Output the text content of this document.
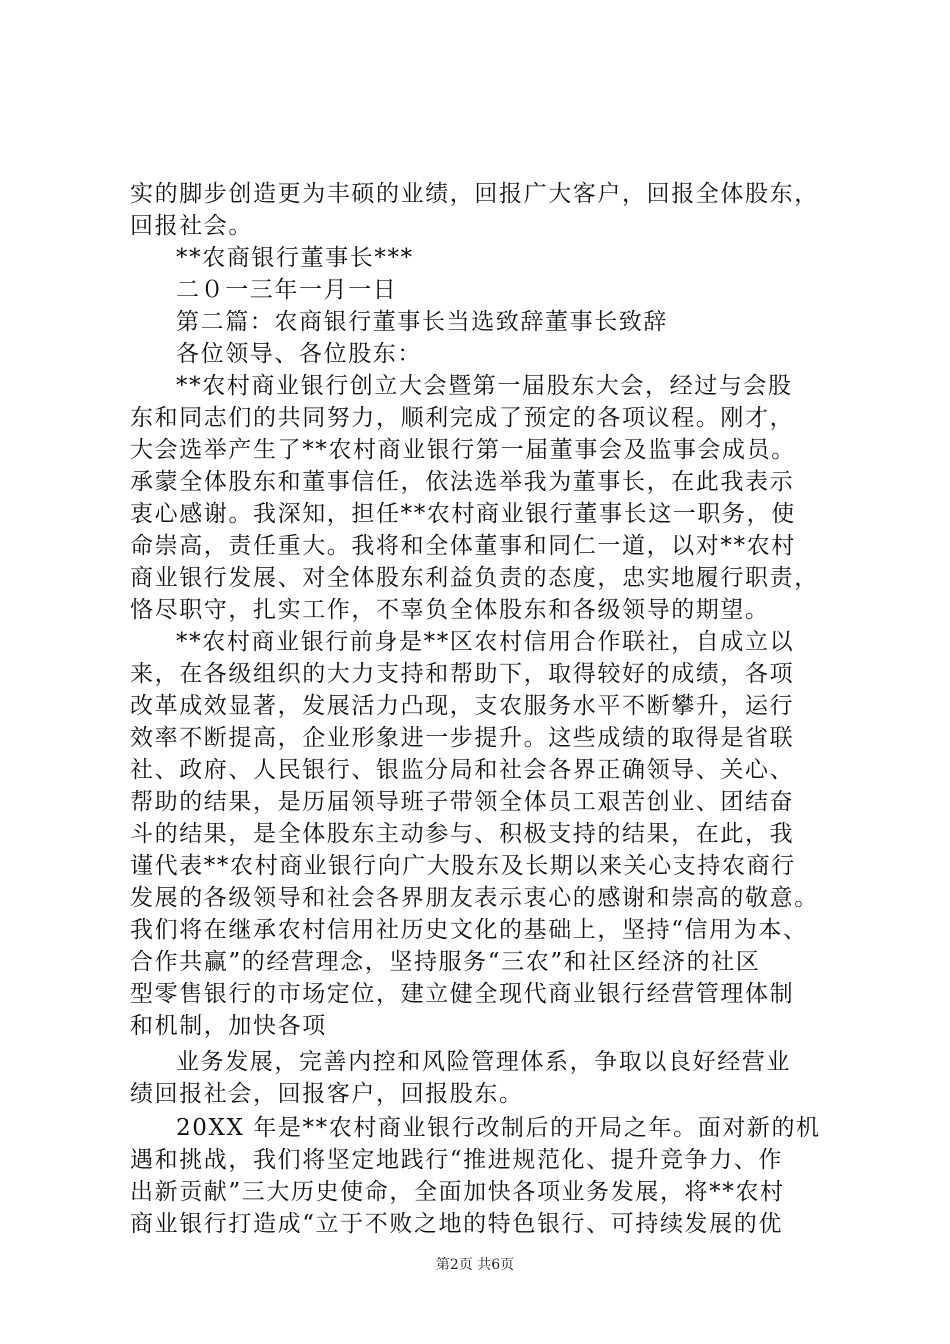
实的脚步创造更为丰硕的业绩，回报广大客户，回报全体股东，
回报社会。
**农商银行董事长***
二０一三年一月一日
第二篇：农商银行董事长当选致辞董事长致辞
各位领导、各位股东：
**农村商业银行创立大会暨第一届股东大会，经过与会股
东和同志们的共同努力，顺利完成了预定的各项议程。刚才，
大会选举产生了**农村商业银行第一届董事会及监事会成员。
承蒙全体股东和董事信任，依法选举我为董事长，在此我表示
衷心感谢。我深知，担任**农村商业银行董事长这一职务，使
命崇高，责任重大。我将和全体董事和同仁一道，以对**农村
商业银行发展、对全体股东利益负责的态度，忠实地履行职责，
恪尽职守，扎实工作，不辜负全体股东和各级领导的期望。
**农村商业银行前身是**区农村信用合作联社，自成立以
来，在各级组织的大力支持和帮助下，取得较好的成绩，各项
改革成效显著，发展活力凸现，支农服务水平不断攀升，运行
效率不断提高，企业形象进一步提升。这些成绩的取得是省联
社、政府、人民银行、银监分局和社会各界正确领导、关心、
帮助的结果，是历届领导班子带领全体员工艰苦创业、团结奋
斗的结果，是全体股东主动参与、积极支持的结果，在此，我
谨代表**农村商业银行向广大股东及长期以来关心支持农商行
发展的各级领导和社会各界朋友表示衷心的感谢和崇高的敬意。
我们将在继承农村信用社历史文化的基础上，坚持“信用为本、
合作共赢”的经营理念，坚持服务“三农”和社区经济的社区
型零售银行的市场定位，建立健全现代商业银行经营管理体制
和机制，加快各项
业务发展，完善内控和风险管理体系，争取以良好经营业
绩回报社会，回报客户，回报股东。
20XX 年是**农村商业银行改制后的开局之年。面对新的机
遇和挑战，我们将坚定地践行“推进规范化、提升竞争力、作
出新贡献”三大历史使命，全面加快各项业务发展，将**农村
商业银行打造成“立于不败之地的特色银行、可持续发展的优
第2页 共6页
